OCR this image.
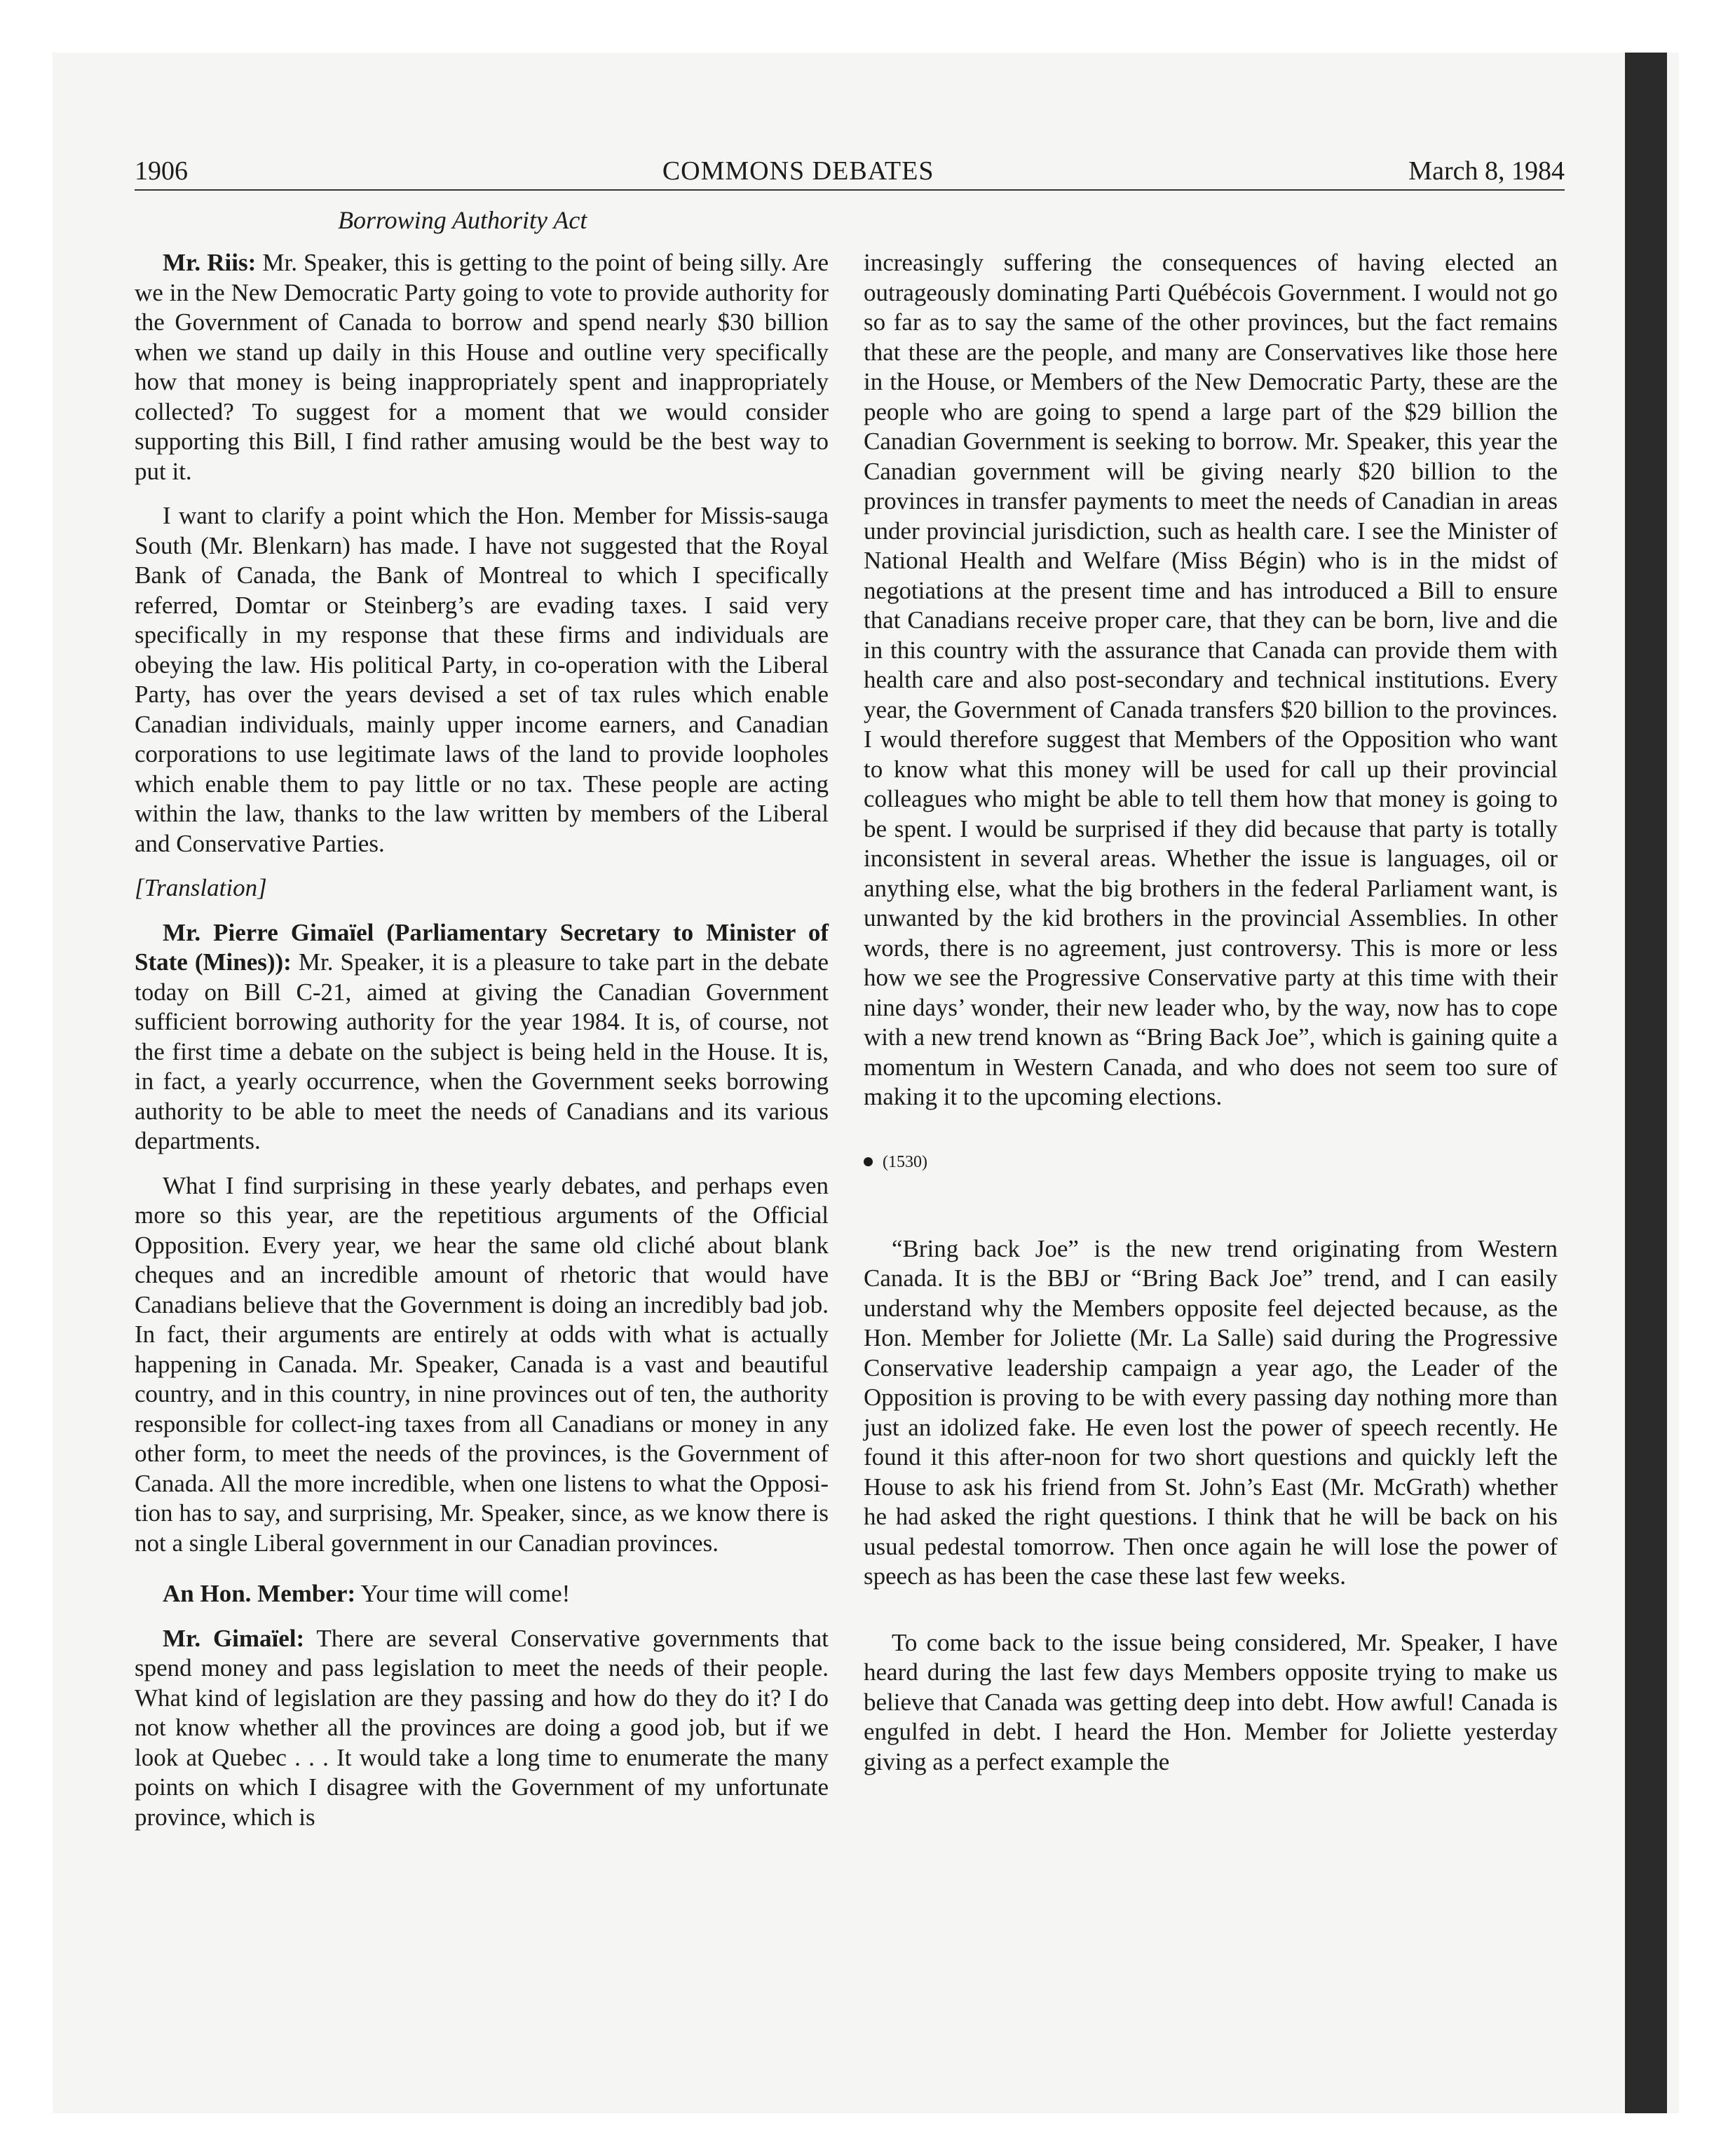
1906	COMMONS DEBATES	March 8, 1984
Borrowing Authority Act

Mr. Riis: Mr. Speaker, this is getting to the point of being silly. Are we in the New Democratic Party going to vote to provide authority for the Government of Canada to borrow and spend nearly $30 billion when we stand up daily in this House and outline very specifically how that money is being inappropriately spent and inappropriately collected? To suggest for a moment that we would consider supporting this Bill, I find rather amusing would be the best way to put it.

I want to clarify a point which the Hon. Member for Missis-sauga South (Mr. Blenkarn) has made. I have not suggested that the Royal Bank of Canada, the Bank of Montreal to which I specifically referred, Domtar or Steinberg’s are evading taxes. I said very specifically in my response that these firms and individuals are obeying the law. His political Party, in co-operation with the Liberal Party, has over the years devised a set of tax rules which enable Canadian individuals, mainly upper income earners, and Canadian corporations to use legitimate laws of the land to provide loopholes which enable them to pay little or no tax. These people are acting within the law, thanks to the law written by members of the Liberal and Conservative Parties.

[Translation]

Mr. Pierre Gimaïel (Parliamentary Secretary to Minister of State (Mines)): Mr. Speaker, it is a pleasure to take part in the debate today on Bill C-21, aimed at giving the Canadian Government sufficient borrowing authority for the year 1984. It is, of course, not the first time a debate on the subject is being held in the House. It is, in fact, a yearly occurrence, when the Government seeks borrowing authority to be able to meet the needs of Canadians and its various departments.

What I find surprising in these yearly debates, and perhaps even more so this year, are the repetitious arguments of the Official Opposition. Every year, we hear the same old cliché about blank cheques and an incredible amount of rhetoric that would have Canadians believe that the Government is doing an incredibly bad job. In fact, their arguments are entirely at odds with what is actually happening in Canada. Mr. Speaker, Canada is a vast and beautiful country, and in this country, in nine provinces out of ten, the authority responsible for collect-ing taxes from all Canadians or money in any other form, to meet the needs of the provinces, is the Government of Canada. All the more incredible, when one listens to what the Opposi-tion has to say, and surprising, Mr. Speaker, since, as we know there is not a single Liberal government in our Canadian provinces.

An Hon. Member: Your time will come!

Mr. Gimaïel: There are several Conservative governments that spend money and pass legislation to meet the needs of their people. What kind of legislation are they passing and how do they do it? I do not know whether all the provinces are doing a good job, but if we look at Quebec . . . It would take a long time to enumerate the many points on which I disagree with the Government of my unfortunate province, which is

increasingly suffering the consequences of having elected an outrageously dominating Parti Québécois Government. I would not go so far as to say the same of the other provinces, but the fact remains that these are the people, and many are Conservatives like those here in the House, or Members of the New Democratic Party, these are the people who are going to spend a large part of the $29 billion the Canadian Government is seeking to borrow. Mr. Speaker, this year the Canadian government will be giving nearly $20 billion to the provinces in transfer payments to meet the needs of Canadian in areas under provincial jurisdiction, such as health care. I see the Minister of National Health and Welfare (Miss Bégin) who is in the midst of negotiations at the present time and has introduced a Bill to ensure that Canadians receive proper care, that they can be born, live and die in this country with the assurance that Canada can provide them with health care and also post-secondary and technical institutions. Every year, the Government of Canada transfers $20 billion to the provinces. I would therefore suggest that Members of the Opposition who want to know what this money will be used for call up their provincial colleagues who might be able to tell them how that money is going to be spent. I would be surprised if they did because that party is totally inconsistent in several areas. Whether the issue is languages, oil or anything else, what the big brothers in the federal Parliament want, is unwanted by the kid brothers in the provincial Assemblies. In other words, there is no agreement, just controversy. This is more or less how we see the Progressive Conservative party at this time with their nine days’ wonder, their new leader who, by the way, now has to cope with a new trend known as “Bring Back Joe”, which is gaining quite a momentum in Western Canada, and who does not seem too sure of making it to the upcoming elections.

(1530)

“Bring back Joe” is the new trend originating from Western Canada. It is the BBJ or “Bring Back Joe” trend, and I can easily understand why the Members opposite feel dejected because, as the Hon. Member for Joliette (Mr. La Salle) said during the Progressive Conservative leadership campaign a year ago, the Leader of the Opposition is proving to be with every passing day nothing more than just an idolized fake. He even lost the power of speech recently. He found it this after-noon for two short questions and quickly left the House to ask his friend from St. John’s East (Mr. McGrath) whether he had asked the right questions. I think that he will be back on his usual pedestal tomorrow. Then once again he will lose the power of speech as has been the case these last few weeks.

To come back to the issue being considered, Mr. Speaker, I have heard during the last few days Members opposite trying to make us believe that Canada was getting deep into debt. How awful! Canada is engulfed in debt. I heard the Hon. Member for Joliette yesterday giving as a perfect example the
